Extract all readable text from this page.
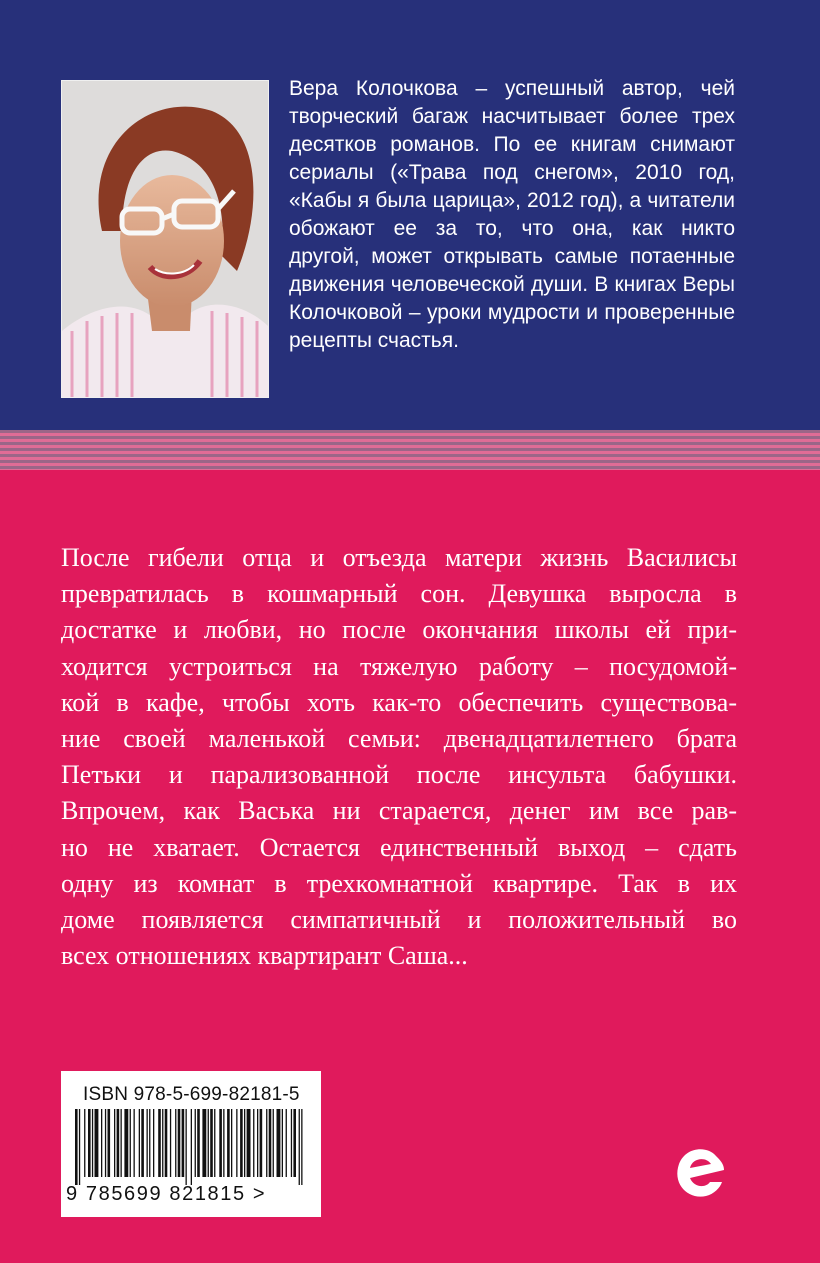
Вера Колочкова – успешный автор, чей
творческий багаж насчитывает более трех
десятков романов. По ее книгам снимают
сериалы («Трава под снегом», 2010 год,
«Кабы я была царица», 2012 год), а читатели
обожают ее за то, что она, как никто
другой, может открывать самые потаенные
движения человеческой души. В книгах Веры
Колочковой – уроки мудрости и проверенные
рецепты счастья.

После гибели отца и отъезда матери жизнь Василисы
превратилась в кошмарный сон. Девушка выросла в
достатке и любви, но после окончания школы ей при-
ходится устроиться на тяжелую работу – посудомой-
кой в кафе, чтобы хоть как-то обеспечить существова-
ние своей маленькой семьи: двенадцатилетнего брата
Петьки и парализованной после инсульта бабушки.
Впрочем, как Васька ни старается, денег им все рав-
но не хватает. Остается единственный выход – сдать
одну из комнат в трехкомнатной квартире. Так в их
доме появляется симпатичный и положительный во
всех отношениях квартирант Саша...

ISBN 978-5-699-82181-5
9 785699 821815 >
